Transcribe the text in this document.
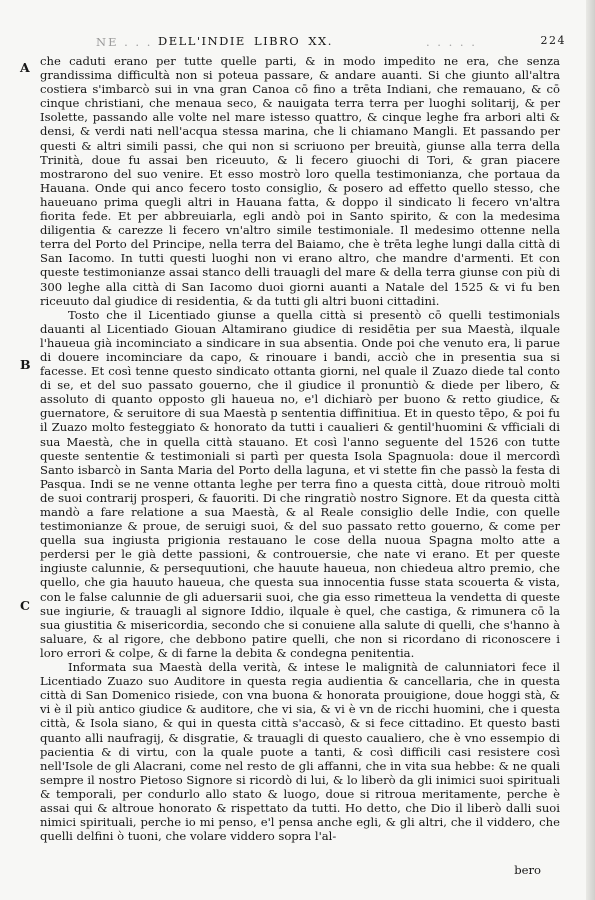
NE . . . DELL'INDIE LIBRO XX.	. . . . .	224
A
B
C

che caduti erano per tutte quelle parti, & in modo impedito ne era, che senza grandissima difficultà non si poteua passare, & andare auanti. Si che giunto all'altra costiera s'imbarcò sui in vna gran Canoa cō fino a trēta Indiani, che remauano, & cō cinque christiani, che menaua seco, & nauigata terra terra per luoghi solitarij, & per Isolette, passando alle volte nel mare istesso quattro, & cinque leghe fra arbori alti & densi, & verdi nati nell'acqua stessa marina, che li chiamano Mangli. Et passando per questi & altri simili passi, che qui non si scriuono per breuità, giunse alla terra della Trinità, doue fu assai ben riceuuto, & li fecero giuochi di Tori, & gran piacere mostrarono del suo venire. Et esso mostrò loro quella testimonianza, che portaua da Hauana. Onde qui anco fecero tosto consiglio, & posero ad effetto quello stesso, che haueuano prima quegli altri in Hauana fatta, & doppo il sindicato li fecero vn'altra fiorita fede. Et per abbreuiarla, egli andò poi in Santo spirito, & con la medesima diligentia & carezze li fecero vn'altro simile testimoniale. Il medesimo ottenne nella terra del Porto del Principe, nella terra del Baiamo, che è trēta leghe lungi dalla città di San Iacomo. In tutti questi luoghi non vi erano altro, che mandre d'armenti. Et con queste testimonianze assai stanco delli trauagli del mare & della terra giunse con più di 300 leghe alla città di San Iacomo duoi giorni auanti a Natale del 1525 & vi fu ben riceuuto dal giudice di residentia, & da tutti gli altri buoni cittadini.

Tosto che il Licentiado giunse a quella città si presentò cō quelli testimonials dauanti al Licentiado Giouan Altamirano giudice di residētia per sua Maestà, ilquale l'haueua già incominciato a sindicare in sua absentia. Onde poi che venuto era, li parue di douere incominciare da capo, & rinouare i bandi, acciò che in presentia sua si facesse. Et così tenne questo sindicato ottanta giorni, nel quale il Zuazo diede tal conto di se, et del suo passato gouerno, che il giudice il pronuntiò & diede per libero, & assoluto di quanto opposto gli haueua no, e'l dichiarò per buono & retto giudice, & guernatore, & seruitore di sua Maestà p sententia diffinitiua. Et in questo tēpo, & poi fu il Zuazo molto festeggiato & honorato da tutti i caualieri & gentil'huomini & vfficiali di sua Maestà, che in quella città stauano. Et così l'anno seguente del 1526 con tutte queste sententie & testimoniali si partì per questa Isola Spagnuola: doue il mercordì Santo isbarcò in Santa Maria del Porto della laguna, et vi stette fin che passò la festa di Pasqua. Indi se ne venne ottanta leghe per terra fino a questa città, doue ritrouò molti de suoi contrarij prosperi, & fauoriti. Di che ringratiò nostro Signore. Et da questa città mandò a fare relatione a sua Maestà, & al Reale consiglio delle Indie, con quelle testimonianze & proue, de seruigi suoi, & del suo passato retto gouerno, & come per quella sua ingiusta prigionia restauano le cose della nuoua Spagna molto atte a perdersi per le già dette passioni, & controuersie, che nate vi erano. Et per queste ingiuste calunnie, & persequutioni, che hauute haueua, non chiedeua altro premio, che quello, che gia hauuto haueua, che questa sua innocentia fusse stata scouerta & vista, con le false calunnie de gli aduersarii suoi, che gia esso rimetteua la vendetta di queste sue ingiurie, & trauagli al signore Iddio, ilquale è quel, che castiga, & rimunera cō la sua giustitia & misericordia, secondo che si conuiene alla salute di quelli, che s'hanno à saluare, & al rigore, che debbono patire quelli, che non si ricordano di riconoscere i loro errori & colpe, & di farne la debita & condegna penitentia.

Informata sua Maestà della verità, & intese le malignità de calunniatori fece il Licentiado Zuazo suo Auditore in questa regia audientia & cancellaria, che in questa città di San Domenico risiede, con vna buona & honorata prouigione, doue hoggi stà, & vi è il più antico giudice & auditore, che vi sia, & vi è vn de ricchi huomini, che i questa città, & Isola siano, & qui in questa città s'accasò, & si fece cittadino. Et questo basti quanto alli naufragij, & disgratie, & trauagli di questo caualiero, che è vno essempio di pacientia & di virtu, con la quale puote a tanti, & così difficili casi resistere così nell'Isole de gli Alacrani, come nel resto de gli affanni, che in vita sua hebbe: & ne quali sempre il nostro Pietoso Signore si ricordò di lui, & lo liberò da gli inimici suoi spirituali & temporali, per condurlo allo stato & luogo, doue si ritroua meritamente, perche è assai qui & altroue honorato & rispettato da tutti. Ho detto, che Dio il liberò dalli suoi nimici spirituali, perche io mi penso, e'l pensa anche egli, & gli altri, che il viddero, che quelli delfini ò tuoni, che volare viddero sopra l'al-

bero
